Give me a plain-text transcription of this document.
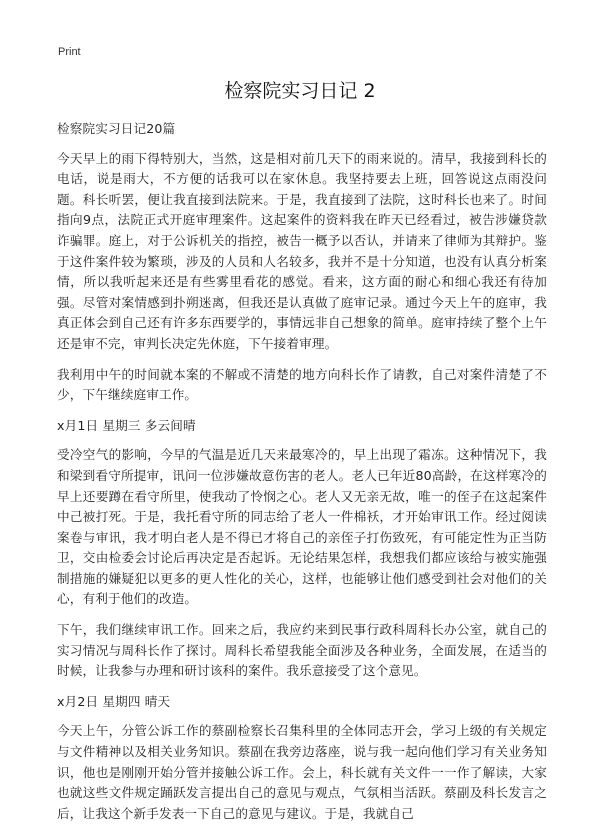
Print
检察院实习日记 2

检察院实习日记20篇

今天早上的雨下得特别大，当然，这是相对前几天下的雨来说的。清早，我接到科长的电话，说是雨大，不方便的话我可以在家休息。我坚持要去上班，回答说这点雨没问题。科长听罢，便让我直接到法院来。于是，我直接到了法院，这时科长也来了。时间指向9点，法院正式开庭审理案件。这起案件的资料我在昨天已经看过，被告涉嫌贷款诈骗罪。庭上，对于公诉机关的指控，被告一概予以否认，并请来了律师为其辩护。鉴于这件案件较为繁琐，涉及的人员和人名较多，我并不是十分知道，也没有认真分析案情，所以我听起来还是有些雾里看花的感觉。看来，这方面的耐心和细心我还有待加强。尽管对案情感到扑朔迷离，但我还是认真做了庭审记录。通过今天上午的庭审，我真正体会到自己还有许多东西要学的，事情远非自己想象的简单。庭审持续了整个上午还是审不完，审判长决定先休庭，下午接着审理。

我利用中午的时间就本案的不解或不清楚的地方向科长作了请教，自己对案件清楚了不少，下午继续庭审工作。

x月1日 星期三 多云间晴

受冷空气的影响，今早的气温是近几天来最寒冷的，早上出现了霜冻。这种情况下，我和梁到看守所提审，讯问一位涉嫌故意伤害的老人。老人已年近80高龄，在这样寒冷的早上还要蹲在看守所里，使我动了怜悯之心。老人又无亲无故，唯一的侄子在这起案件中己被打死。于是，我托看守所的同志给了老人一件棉袄，才开始审讯工作。经过阅读案卷与审讯，我才明白老人是不得已才将自己的亲侄子打伤致死，有可能定性为正当防卫，交由检委会讨论后再决定是否起诉。无论结果怎样，我想我们都应该给与被实施强制措施的嫌疑犯以更多的更人性化的关心，这样，也能够让他们感受到社会对他们的关心，有利于他们的改造。

下午，我们继续审讯工作。回来之后，我应约来到民事行政科周科长办公室，就自己的实习情况与周科长作了探讨。周科长希望我能全面涉及各种业务，全面发展，在适当的时候，让我参与办理和研讨该科的案件。我乐意接受了这个意见。

x月2日 星期四 晴天

今天上午，分管公诉工作的蔡副检察长召集科里的全体同志开会，学习上级的有关规定与文件精神以及相关业务知识。蔡副在我旁边落座，说与我一起向他们学习有关业务知识，他也是刚刚开始分管并接触公诉工作。会上，科长就有关文件一一作了解读，大家也就这些文件规定踊跃发言提出自己的意见与观点，气氛相当活跃。蔡副及科长发言之后，让我这个新手发表一下自己的意见与建议。于是，我就自己
